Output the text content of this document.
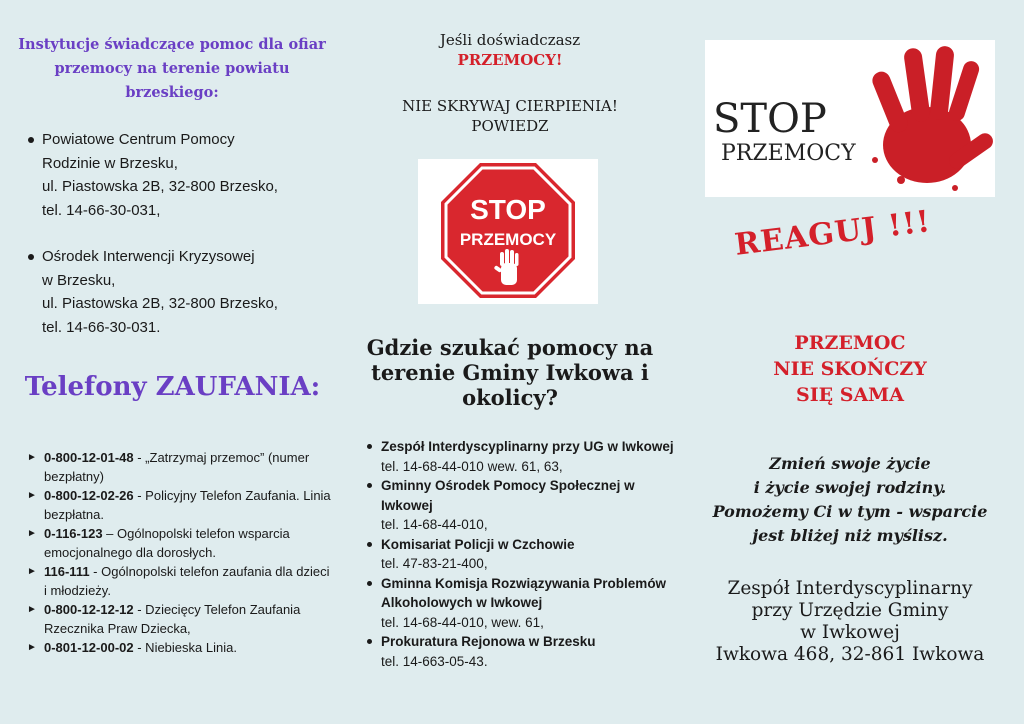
Instytucje świadczące pomoc dla ofiar przemocy na terenie powiatu brzeskiego:
Powiatowe Centrum Pomocy
Rodzinie w Brzesku,
ul. Piastowska 2B, 32-800 Brzesko,
tel. 14-66-30-031,
Ośrodek Interwencji Kryzysowej
w Brzesku,
ul. Piastowska 2B, 32-800 Brzesko,
tel. 14-66-30-031.
Telefony ZAUFANIA:
► 0-800-12-01-48 - „Zatrzymaj przemoc” (numer bezpłatny)
► 0-800-12-02-26 - Policyjny Telefon Zaufania. Linia bezpłatna.
► 0-116-123 – Ogólnopolski telefon wsparcia emocjonalnego dla dorosłych.
► 116-111 - Ogólnopolski telefon zaufania dla dzieci i młodzieży.
► 0-800-12-12-12 - Dziecięcy Telefon Zaufania Rzecznika Praw Dziecka,
► 0-801-12-00-02 - Niebieska Linia.
Jeśli doświadczasz
PRZEMOCY!
NIE SKRYWAJ CIERPIENIA!
POWIEDZ
STOP
PRZEMOCY
Gdzie szukać pomocy na terenie Gminy Iwkowa i okolicy?
Zespół Interdyscyplinarny przy UG w Iwkowej
tel. 14-68-44-010 wew. 61, 63,
Gminny Ośrodek Pomocy Społecznej w Iwkowej
tel. 14-68-44-010,
Komisariat Policji w Czchowie
tel. 47-83-21-400,
Gminna Komisja Rozwiązywania Problemów Alkoholowych w Iwkowej
tel. 14-68-44-010, wew. 61,
Prokuratura Rejonowa w Brzesku
tel. 14-663-05-43.
STOP
PRZEMOCY
REAGUJ !!!
PRZEMOC
NIE SKOŃCZY
SIĘ SAMA
Zmień swoje życie
i życie swojej rodziny.
Pomożemy Ci w tym - wsparcie
jest bliżej niż myślisz.
Zespół Interdyscyplinarny
przy Urzędzie Gminy
w Iwkowej
Iwkowa 468, 32-861 Iwkowa
